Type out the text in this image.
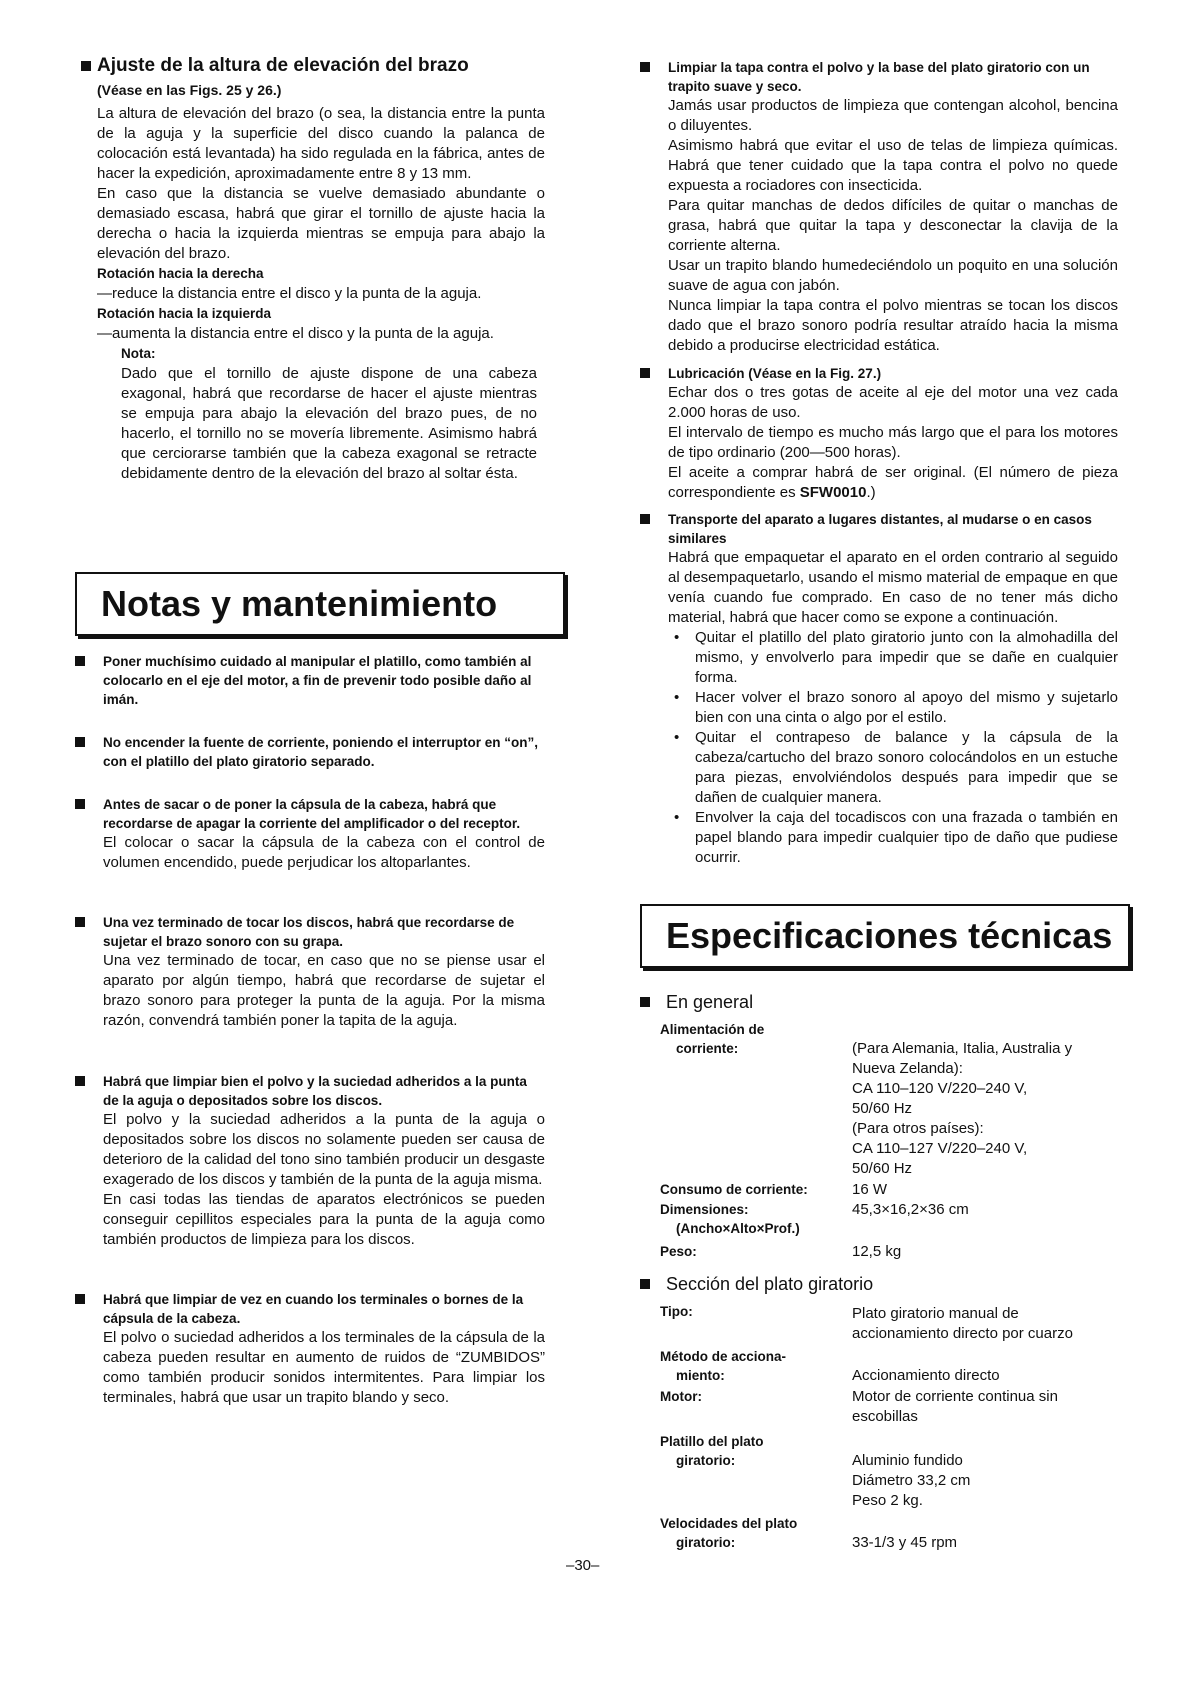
Ajuste de la altura de elevación del brazo

(Véase en las Figs. 25 y 26.)

La altura de elevación del brazo (o sea, la distancia entre la punta de la aguja y la superficie del disco cuando la palanca de colocación está levantada) ha sido regulada en la fábrica, antes de hacer la expedición, aproximadamente entre 8 y 13 mm.

En caso que la distancia se vuelve demasiado abundante o demasiado escasa, habrá que girar el tornillo de ajuste hacia la derecha o hacia la izquierda mientras se empuja para abajo la elevación del brazo.

Rotación hacia la derecha

—reduce la distancia entre el disco y la punta de la aguja.

Rotación hacia la izquierda

—aumenta la distancia entre el disco y la punta de la aguja.

Nota:

Dado que el tornillo de ajuste dispone de una cabeza exagonal, habrá que recordarse de hacer el ajuste mientras se empuja para abajo la elevación del brazo pues, de no hacerlo, el tornillo no se movería libremente. Asimismo habrá que cerciorarse también que la cabeza exagonal se retracte debidamente dentro de la elevación del brazo al soltar ésta.

Notas y mantenimiento
Poner muchísimo cuidado al manipular el platillo, como también al colocarlo en el eje del motor, a fin de prevenir todo posible daño al imán.
No encender la fuente de corriente, poniendo el interruptor en “on”, con el platillo del plato giratorio separado.
Antes de sacar o de poner la cápsula de la cabeza, habrá que recordarse de apagar la corriente del amplificador o del receptor.

El colocar o sacar la cápsula de la cabeza con el control de volumen encendido, puede perjudicar los altoparlantes.

Una vez terminado de tocar los discos, habrá que recordarse de sujetar el brazo sonoro con su grapa.

Una vez terminado de tocar, en caso que no se piense usar el aparato por algún tiempo, habrá que recordarse de sujetar el brazo sonoro para proteger la punta de la aguja. Por la misma razón, convendrá también poner la tapita de la aguja.

Habrá que limpiar bien el polvo y la suciedad adheridos a la punta de la aguja o depositados sobre los discos.

El polvo y la suciedad adheridos a la punta de la aguja o depositados sobre los discos no solamente pueden ser causa de deterioro de la calidad del tono sino también producir un desgaste exagerado de los discos y también de la punta de la aguja misma.

En casi todas las tiendas de aparatos electrónicos se pueden conseguir cepillitos especiales para la punta de la aguja como también productos de limpieza para los discos.

Habrá que limpiar de vez en cuando los terminales o bornes de la cápsula de la cabeza.

El polvo o suciedad adheridos a los terminales de la cápsula de la cabeza pueden resultar en aumento de ruidos de “ZUMBIDOS” como también producir sonidos intermitentes. Para limpiar los terminales, habrá que usar un trapito blando y seco.

Limpiar la tapa contra el polvo y la base del plato giratorio con un trapito suave y seco.

Jamás usar productos de limpieza que contengan alcohol, bencina o diluyentes.

Asimismo habrá que evitar el uso de telas de limpieza químicas. Habrá que tener cuidado que la tapa contra el polvo no quede expuesta a rociadores con insecticida.

Para quitar manchas de dedos difíciles de quitar o manchas de grasa, habrá que quitar la tapa y desconectar la clavija de la corriente alterna.

Usar un trapito blando humedeciéndolo un poquito en una solución suave de agua con jabón.

Nunca limpiar la tapa contra el polvo mientras se tocan los discos dado que el brazo sonoro podría resultar atraído hacia la misma debido a producirse electricidad estática.

Lubricación (Véase en la Fig. 27.)

Echar dos o tres gotas de aceite al eje del motor una vez cada 2.000 horas de uso.

El intervalo de tiempo es mucho más largo que el para los motores de tipo ordinario (200—500 horas).

El aceite a comprar habrá de ser original. (El número de pieza correspondiente es SFW0010.)

Transporte del aparato a lugares distantes, al mudarse o en casos similares

Habrá que empaquetar el aparato en el orden contrario al seguido al desempaquetarlo, usando el mismo material de empaque en que venía cuando fue comprado. En caso de no tener más dicho material, habrá que hacer como se expone a continuación.

• Quitar el platillo del plato giratorio junto con la almohadilla del mismo, y envolverlo para impedir que se dañe en cualquier forma.
• Hacer volver el brazo sonoro al apoyo del mismo y sujetarlo bien con una cinta o algo por el estilo.
• Quitar el contrapeso de balance y la cápsula de la cabeza/cartucho del brazo sonoro colocándolos en un estuche para piezas, envolviéndolos después para impedir que se dañen de cualquier manera.
• Envolver la caja del tocadiscos con una frazada o también en papel blando para impedir cualquier tipo de daño que pudiese ocurrir.
Especificaciones técnicas
En general
Alimentación de
corriente:	(Para Alemania, Italia, Australia y
Nueva Zelanda):
CA 110–120 V/220–240 V,
50/60 Hz
(Para otros países):
CA 110–127 V/220–240 V,
50/60 Hz
Consumo de corriente:	16 W
Dimensiones:	45,3×16,2×36 cm
(Ancho×Alto×Prof.)
Peso:	12,5 kg
Sección del plato giratorio
Tipo:	Plato giratorio manual de
accionamiento directo por cuarzo
Método de acciona-
miento:	Accionamiento directo
Motor:	Motor de corriente continua sin
escobillas
Platillo del plato
giratorio:	Aluminio fundido
Diámetro 33,2 cm
Peso 2 kg.
Velocidades del plato
giratorio:	33-1/3 y 45 rpm
–30–
